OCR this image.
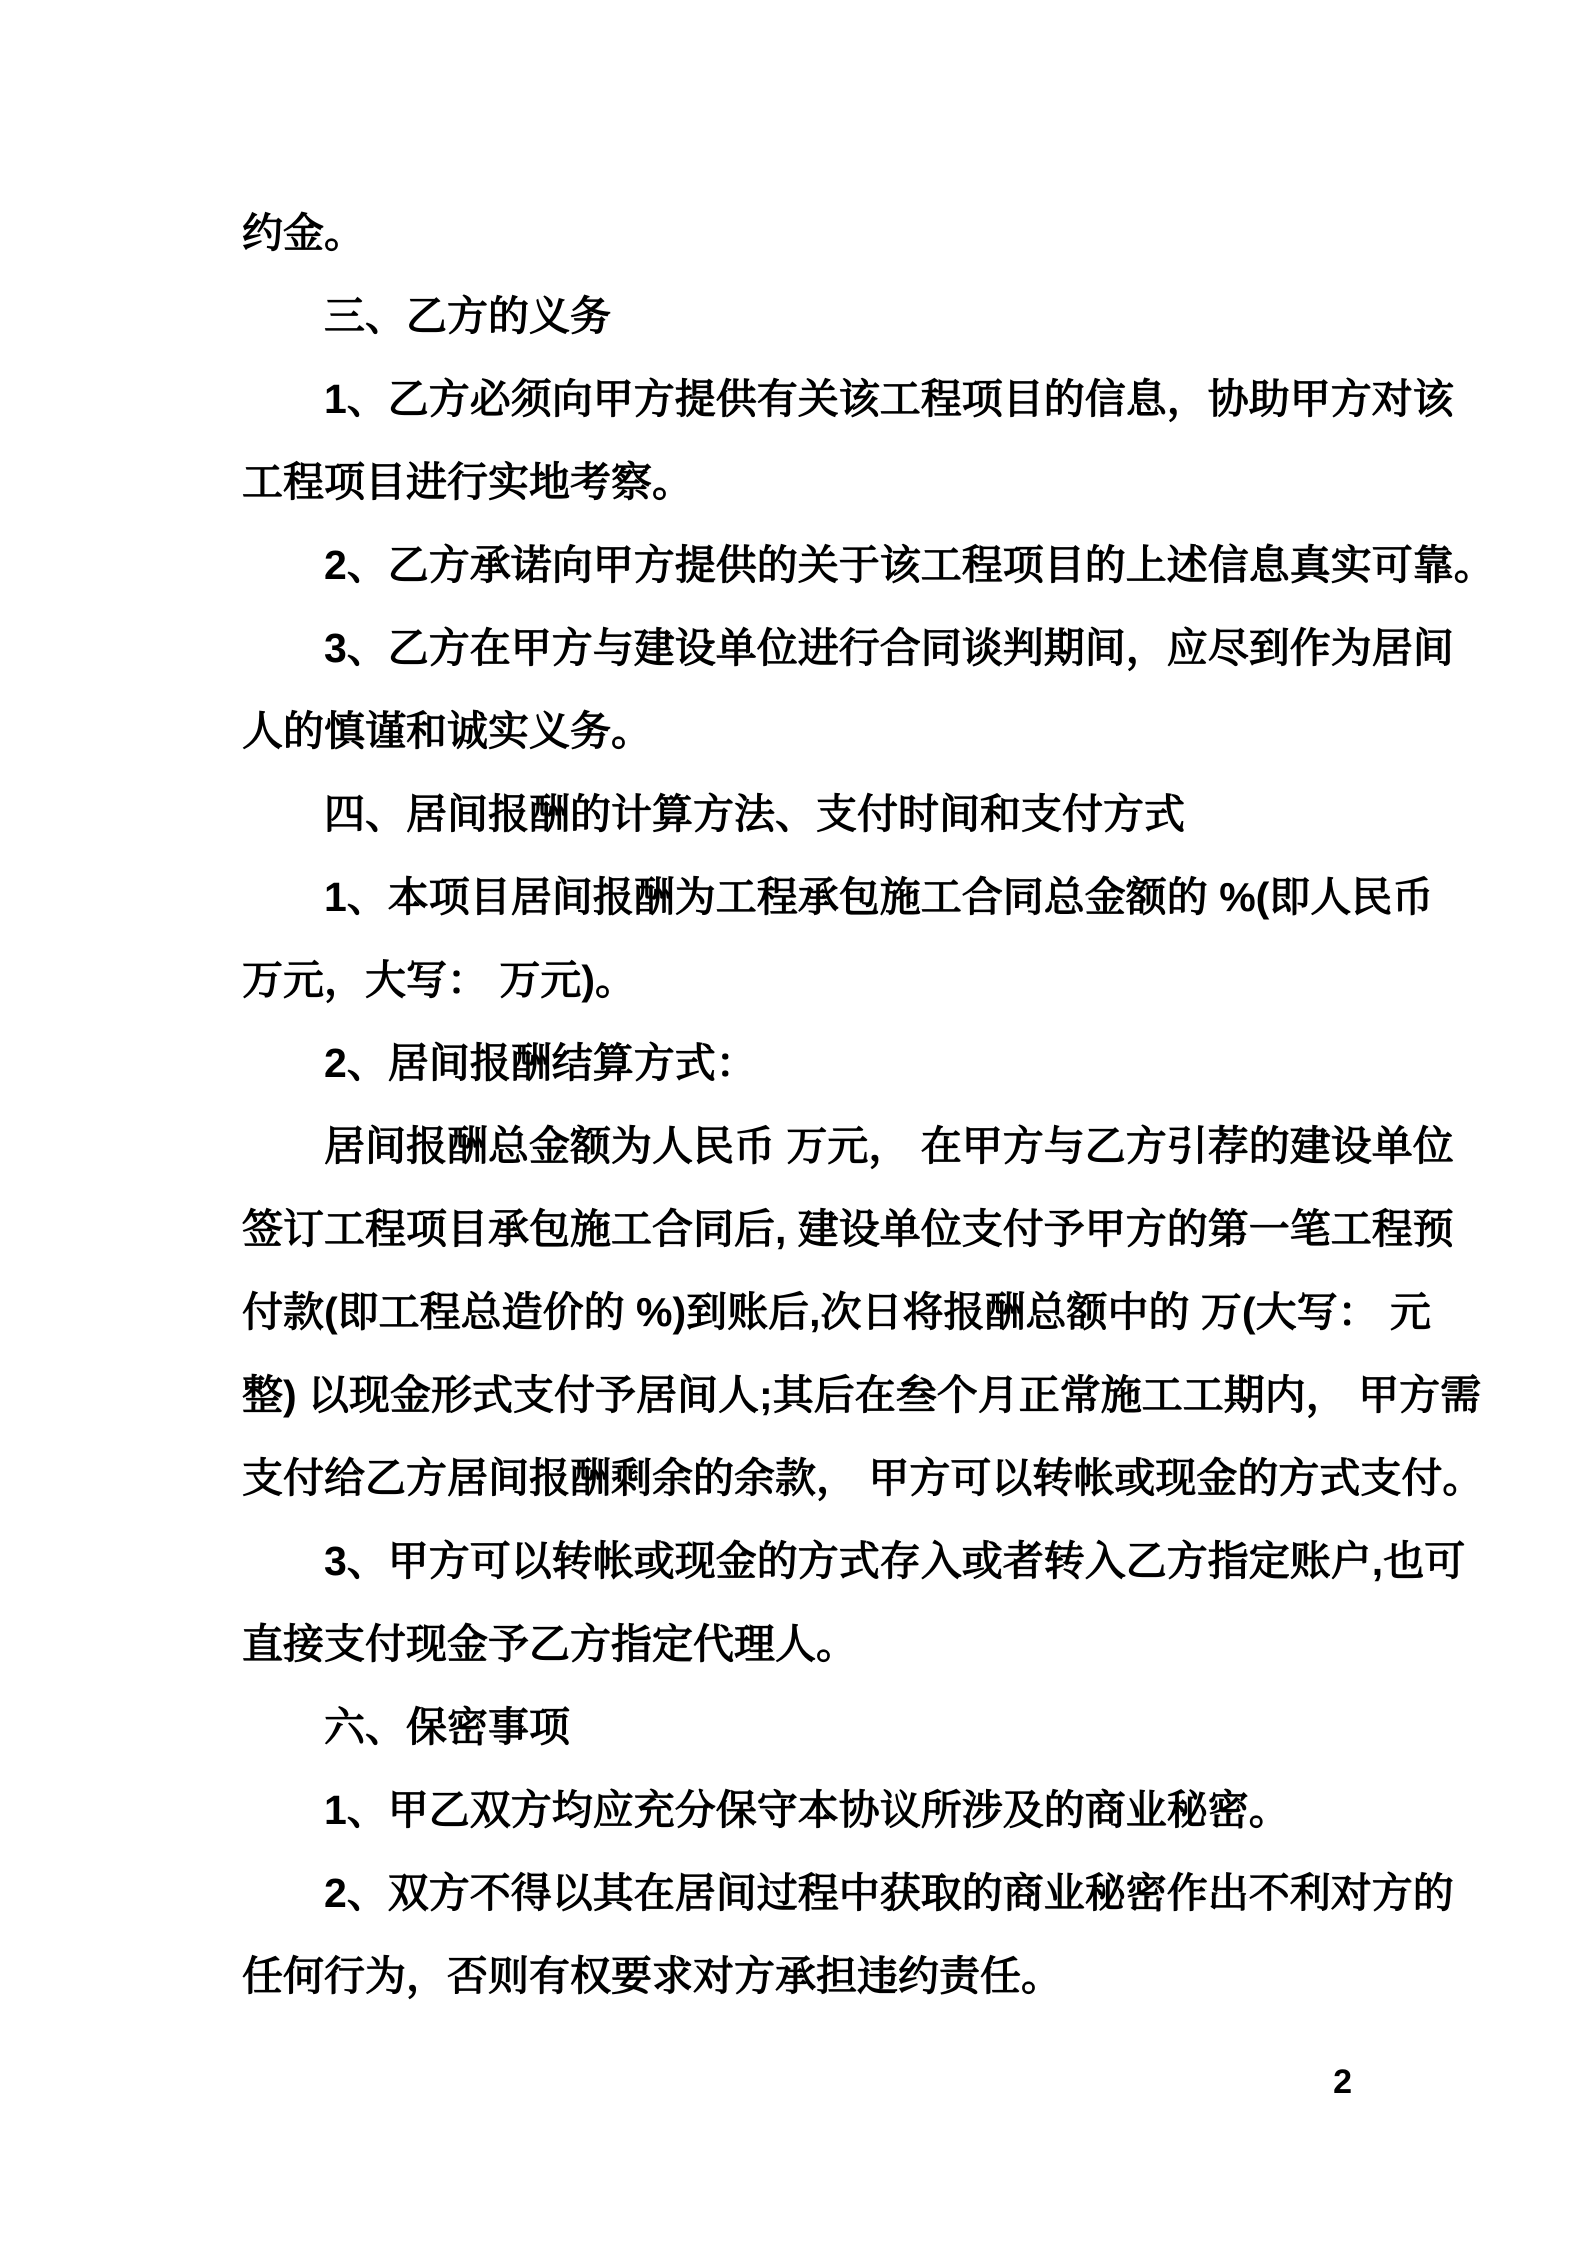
约金。
三、乙方的义务
1、乙方必须向甲方提供有关该工程项目的信息，协助甲方对该
工程项目进行实地考察。
2、乙方承诺向甲方提供的关于该工程项目的上述信息真实可靠。
3、乙方在甲方与建设单位进行合同谈判期间，应尽到作为居间
人的慎谨和诚实义务。
四、居间报酬的计算方法、支付时间和支付方式
1、本项目居间报酬为工程承包施工合同总金额的 %(即人民币
万元，大写： 万元)。
2、居间报酬结算方式：
居间报酬总金额为人民币 万元， 在甲方与乙方引荐的建设单位
签订工程项目承包施工合同后, 建设单位支付予甲方的第一笔工程预
付款(即工程总造价的 %)到账后,次日将报酬总额中的 万(大写： 元
整) 以现金形式支付予居间人;其后在叁个月正常施工工期内， 甲方需
支付给乙方居间报酬剩余的余款， 甲方可以转帐或现金的方式支付。
3、甲方可以转帐或现金的方式存入或者转入乙方指定账户,也可
直接支付现金予乙方指定代理人。
六、保密事项
1、甲乙双方均应充分保守本协议所涉及的商业秘密。
2、双方不得以其在居间过程中获取的商业秘密作出不利对方的
任何行为，否则有权要求对方承担违约责任。
2
